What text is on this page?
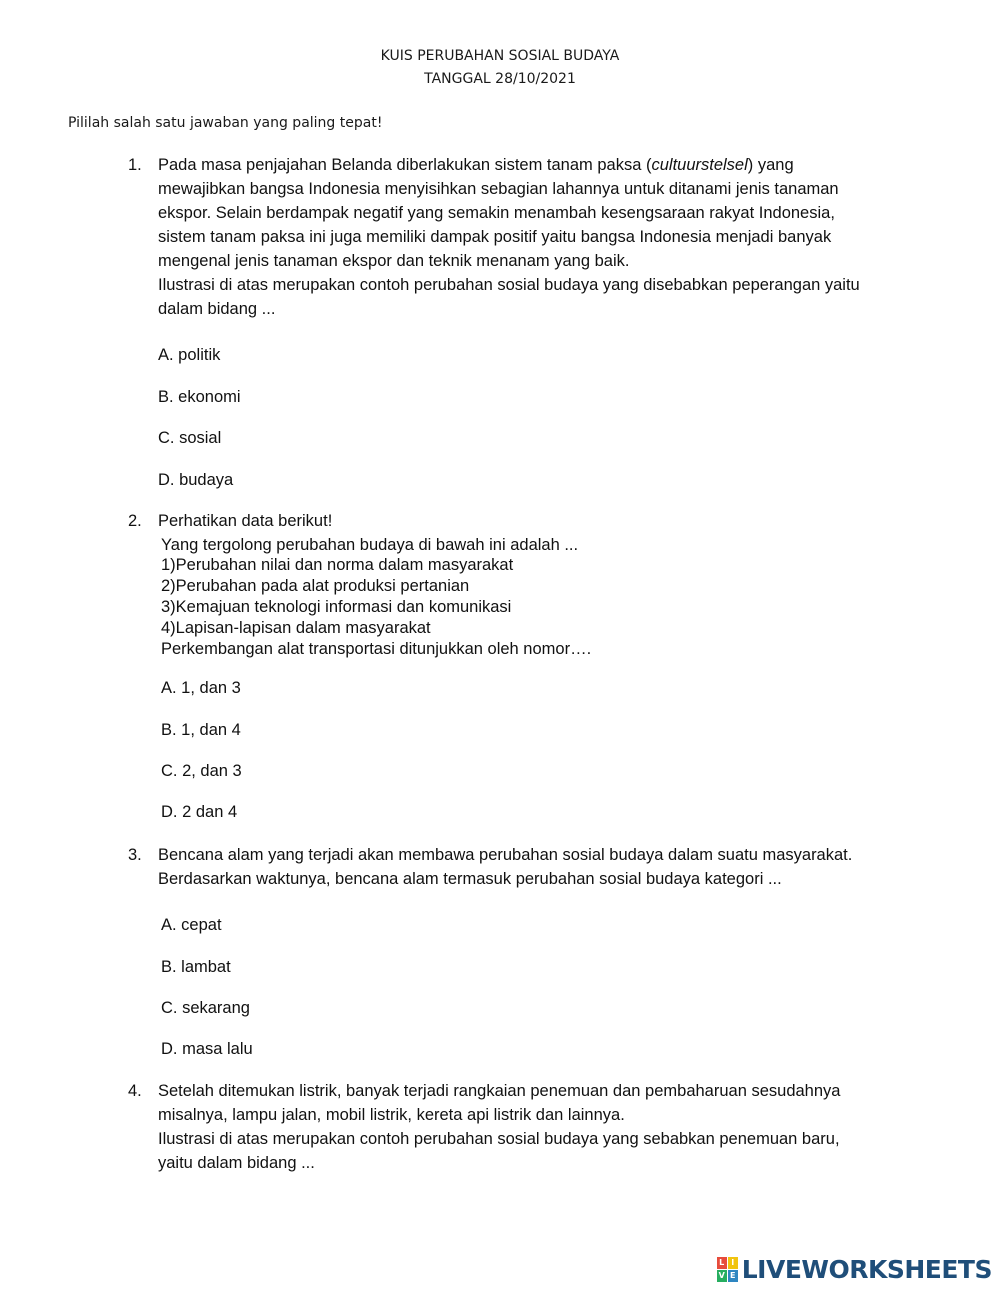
KUIS PERUBAHAN SOSIAL BUDAYA
TANGGAL 28/10/2021
Pililah salah satu jawaban yang paling tepat!
1. Pada masa penjajahan Belanda diberlakukan sistem tanam paksa (cultuurstelsel) yang
mewajibkan bangsa Indonesia menyisihkan sebagian lahannya untuk ditanami jenis tanaman
ekspor. Selain berdampak negatif yang semakin menambah kesengsaraan rakyat Indonesia,
sistem tanam paksa ini juga memiliki dampak positif yaitu bangsa Indonesia menjadi banyak
mengenal jenis tanaman ekspor dan teknik menanam yang baik.
Ilustrasi di atas merupakan contoh perubahan sosial budaya yang disebabkan peperangan yaitu
dalam bidang ...
A. politik
B. ekonomi
C. sosial
D. budaya
2. Perhatikan data berikut!
Yang tergolong perubahan budaya di bawah ini adalah ...
1)Perubahan nilai dan norma dalam masyarakat
2)Perubahan pada alat produksi pertanian
3)Kemajuan teknologi informasi dan komunikasi
4)Lapisan-lapisan dalam masyarakat
Perkembangan alat transportasi ditunjukkan oleh nomor….
A. 1, dan 3
B. 1, dan 4
C. 2, dan 3
D. 2 dan 4
3. Bencana alam yang terjadi akan membawa perubahan sosial budaya dalam suatu masyarakat.
Berdasarkan waktunya, bencana alam termasuk perubahan sosial budaya kategori ...
A. cepat
B. lambat
C. sekarang
D. masa lalu
4. Setelah ditemukan listrik, banyak terjadi rangkaian penemuan dan pembaharuan sesudahnya
misalnya, lampu jalan, mobil listrik, kereta api listrik dan lainnya.
Ilustrasi di atas merupakan contoh perubahan sosial budaya yang sebabkan penemuan baru,
yaitu dalam bidang ...
L I
V E LIVEWORKSHEETS
